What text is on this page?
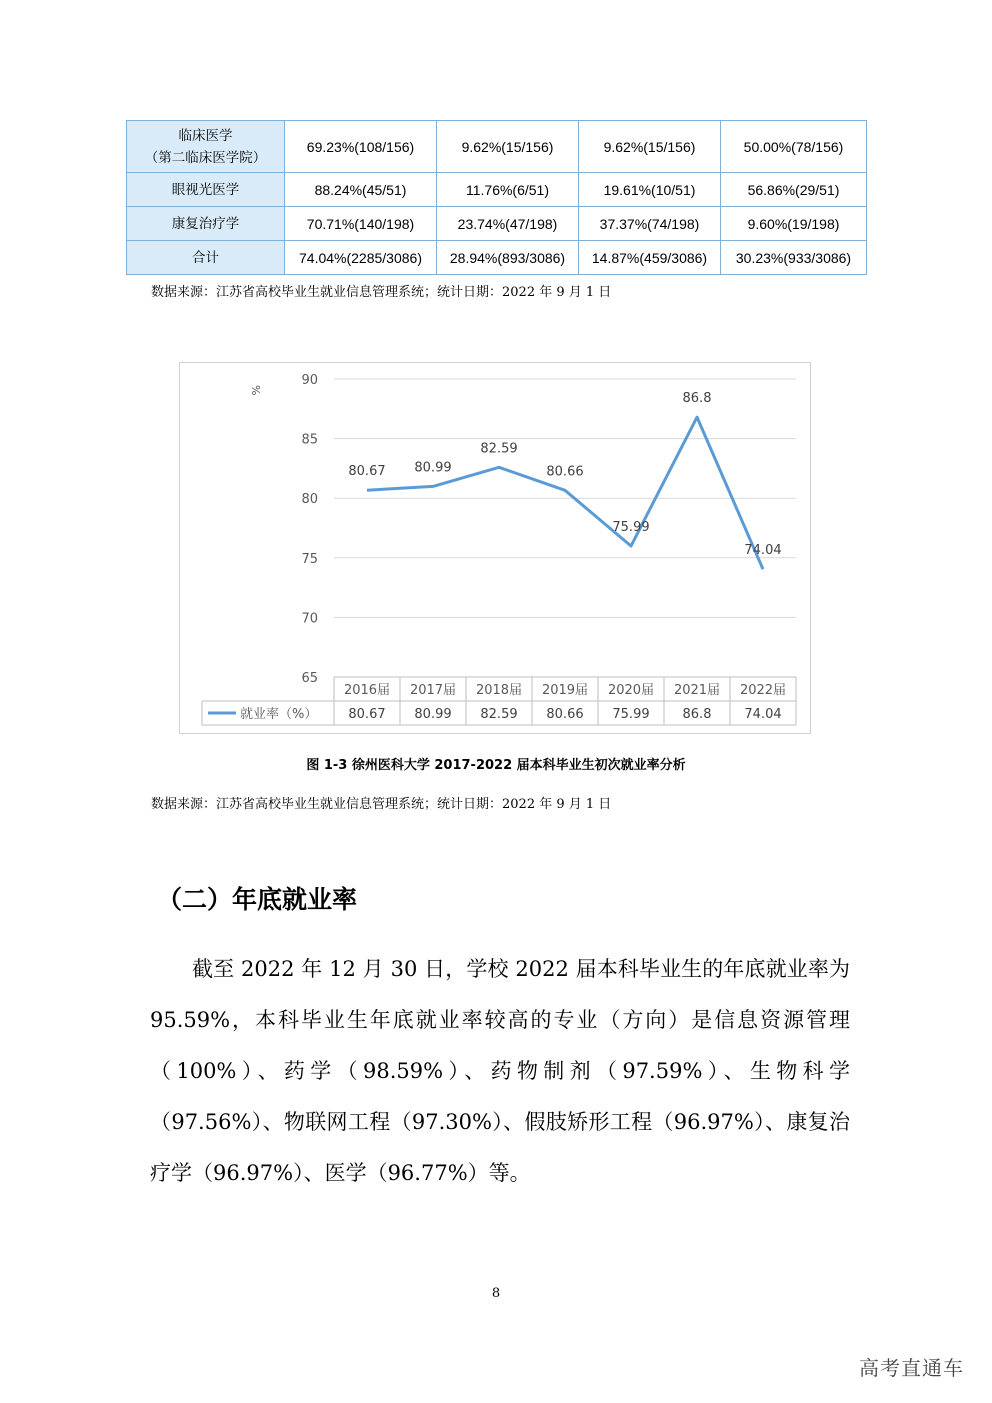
临床医学
（第二临床医学院）	69.23%(108/156)	9.62%(15/156)	9.62%(15/156)	50.00%(78/156)
眼视光医学	88.24%(45/51)	11.76%(6/51)	19.61%(10/51)	56.86%(29/51)
康复治疗学	70.71%(140/198)	23.74%(47/198)	37.37%(74/198)	9.60%(19/198)
合计	74.04%(2285/3086)	28.94%(893/3086)	14.87%(459/3086)	30.23%(933/3086)
数据来源：江苏省高校毕业生就业信息管理系统；统计日期：2022 年 9 月 1 日
65
70
75
80
85
90
%
2016届 2017届 2018届 2019届 2020届 2021届 2022届
就业率（%） 80.67 80.99 82.59 80.66 75.99	86.8	74.04
80.67 80.99
82.59
80.66
75.99
86.8
74.04
图 1-3 徐州医科大学 2017-2022 届本科毕业生初次就业率分析
数据来源：江苏省高校毕业生就业信息管理系统；统计日期：2022 年 9 月 1 日
（二）年底就业率
截至 2022 年 12 月 30 日，学校 2022 届本科毕业生的年底就业率为 95.59%，本科毕业生年底就业率较高的专业（方向）是信息资源管理（100%）、药学（98.59%）、药物制剂（97.59%）、生物科学（97.56%）、物联网工程（97.30%）、假肢矫形工程（96.97%）、康复治疗学（96.97%）、医学（96.77%）等。
8
高考直通车
